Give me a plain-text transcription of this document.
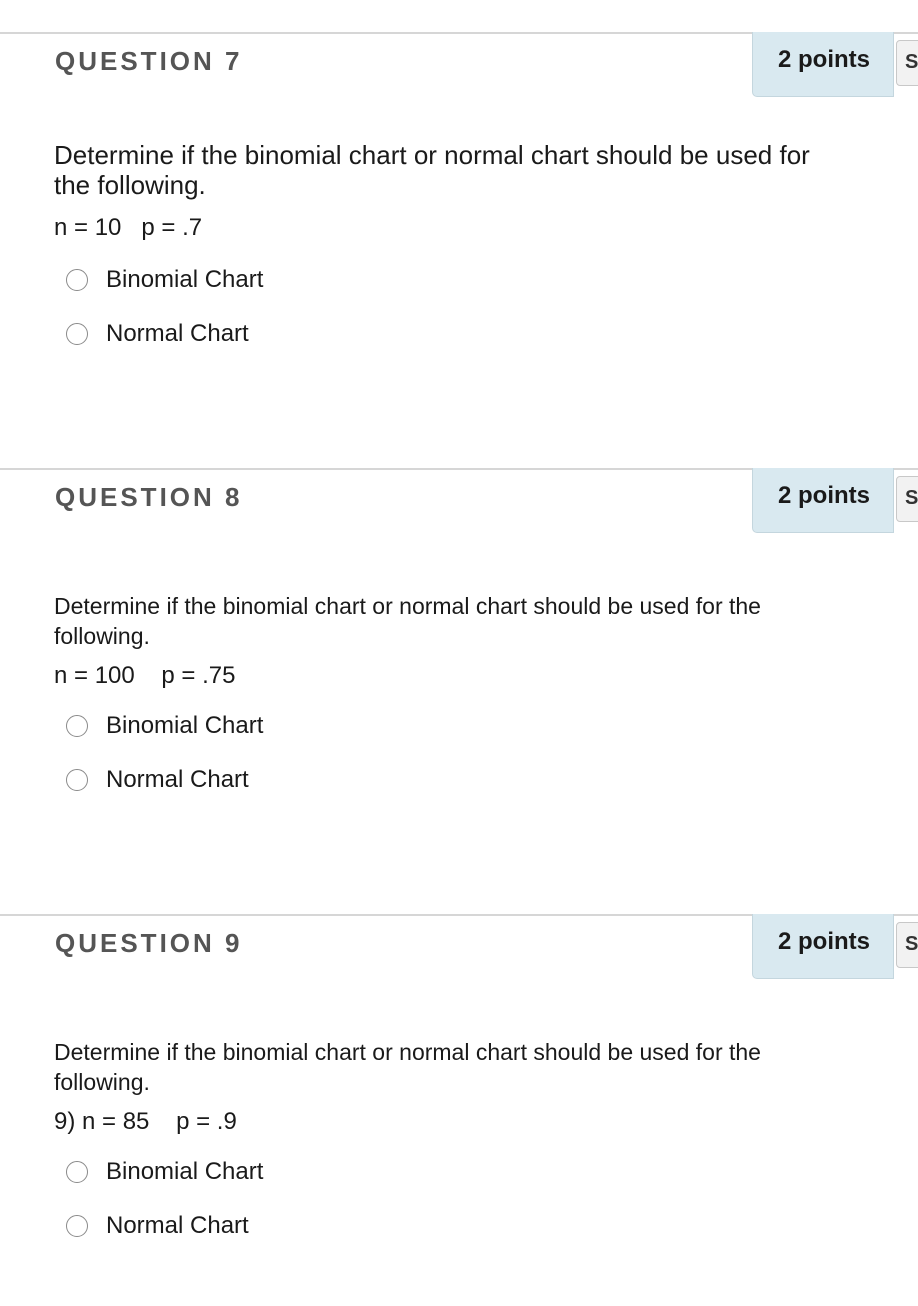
QUESTION 7	2 points S
Determine if the binomial chart or normal chart should be used for the following.
n = 10   p = .7
Binomial Chart
Normal Chart
QUESTION 8	2 points S
Determine if the binomial chart or normal chart should be used for the following.
n = 100    p = .75
Binomial Chart
Normal Chart
QUESTION 9	2 points S
Determine if the binomial chart or normal chart should be used for the following.
9) n = 85    p = .9
Binomial Chart
Normal Chart
